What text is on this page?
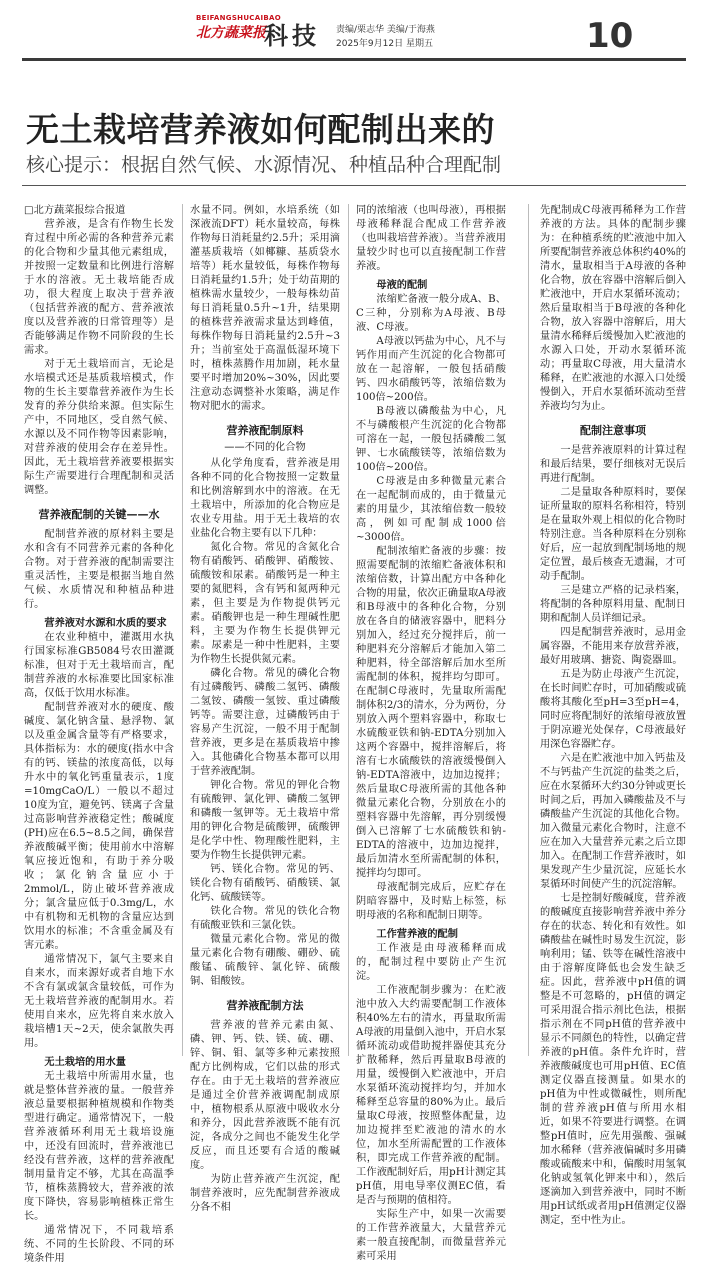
BEIFANGSHUCAIBAO
北方蔬菜报
科技 责编/栗志华 美编/于海燕
2025年9月12日 星期五	10
无土栽培营养液如何配制出来的
核心提示：根据自然气候、水源情况、种植品种合理配制

□北方蔬菜报综合报道

营养液，是含有作物生长发育过程中所必需的各种营养元素的化合物和少量其他元素组成，并按照一定数量和比例进行溶解于水的溶液。无土栽培能否成功，很大程度上取决于营养液（包括营养液的配方、营养液浓度以及营养液的日常管理等）是否能够满足作物不同阶段的生长需求。

对于无土栽培而言，无论是水培模式还是基质栽培模式，作物的生长主要靠营养液作为生长发育的养分供给来源。但实际生产中，不同地区，受自然气候、水源以及不同作物等因素影响，对营养液的使用会存在差异性。因此，无土栽培营养液要根据实际生产需要进行合理配制和灵活调整。

营养液配制的关键——水

配制营养液的原材料主要是水和含有不同营养元素的各种化合物。对于营养液的配制需要注重灵活性，主要是根据当地自然气候、水质情况和种植品种进行。

营养液对水源和水质的要求

在农业种植中，灌溉用水执行国家标准GB5084号农田灌溉标准，但对于无土栽培而言，配制营养液的水标准要比国家标准高，仅低于饮用水标准。

配制营养液对水的硬度、酸碱度、氯化钠含量、悬浮物、氯以及重金属含量等有严格要求，具体指标为：水的硬度(指水中含有的钙、镁盐的浓度高低，以每升水中的氧化钙重量表示，1度=10mgCaO/L）一般以不超过10度为宜，避免钙、镁离子含量过高影响营养液稳定性；酸碱度(PH)应在6.5~8.5之间，确保营养液酸碱平衡；使用前水中溶解氧应接近饱和，有助于养分吸收；氯化钠含量应小于2mmol/L，防止破坏营养液成分；氯含量应低于0.3mg/L，水中有机物和无机物的含量应达到饮用水的标准；不含重金属及有害元素。

通常情况下，氯气主要来自自来水，而来源好或者自地下水不含有氯或氯含量较低，可作为无土栽培营养液的配制用水。若使用自来水，应先将自来水放入栽培槽1天~2天，使余氯散失再用。

无土栽培的用水量

无土栽培中所需用水量，也就是整体营养液的量。一般营养液总量要根据种植规模和作物类型进行确定。通常情况下，一般营养液循环利用无土栽培设施中，还没有回流时，营养液池已经没有营养液，这样的营养液配制用量肯定不够，尤其在高温季节，植株蒸腾较大，营养液的浓度下降快，容易影响植株正常生长。

通常情况下，不同栽培系统、不同的生长阶段、不同的环境条件用

水量不同。例如，水培系统（如深液流DFT）耗水量较高，每株作物每日消耗量约2.5升；采用滴灌基质栽培（如椰糠、基质袋水培等）耗水量较低，每株作物每日消耗量约1.5升；处于幼苗期的植株需水量较少，一般每株幼苗每日消耗量0.5升~1升，结果期的植株营养液需求量达到峰值，每株作物每日消耗量约2.5升~3升；当前室处于高温低湿环境下时，植株蒸腾作用加剧，耗水量要平时增加20%~30%，因此要注意动态调整补水策略，满足作物对肥水的需求。

营养液配制原料
——不同的化合物

从化学角度看，营养液是用各种不同的化合物按照一定数量和比例溶解到水中的溶液。在无土栽培中，所添加的化合物应是农业专用盐。用于无土栽培的农业盐化合物主要有以下几种：

氮化合物。常见的含氮化合物有硝酸钙、硝酸钾、硝酸铵、硫酸铵和尿素。硝酸钙是一种主要的氮肥料，含有钙和氮两种元素，但主要是为作物提供钙元素。硝酸钾也是一种生理碱性肥料，主要为作物生长提供钾元素。尿素是一种中性肥料，主要为作物生长提供氮元素。

磷化合物。常见的磷化合物有过磷酸钙、磷酸二氢钙、磷酸二氢铵、磷酸一氢铵、重过磷酸钙等。需要注意，过磷酸钙由于容易产生沉淀，一般不用于配制营养液，更多是在基质栽培中掺入。其他磷化合物基本都可以用于营养液配制。

钾化合物。常见的钾化合物有硫酸钾、氯化钾、磷酸二氢钾和磷酸一氢钾等。无土栽培中常用的钾化合物是硫酸钾，硫酸钾是化学中性、物理酸性肥料，主要为作物生长提供钾元素。

钙、镁化合物。常见的钙、镁化合物有硝酸钙、硝酸镁、氯化钙、硫酸镁等。

铁化合物。常见的铁化合物有硫酸亚铁和三氯化铁。

微量元素化合物。常见的微量元素化合物有硼酸、硼砂、硫酸锰、硫酸锌、氯化锌、硫酸铜、钼酸铵。

营养液配制方法

营养液的营养元素由氮、磷、钾、钙、铁、镁、硫、硼、锌、铜、钼、氯等多种元素按照配方比例构成，它们以盐的形式存在。由于无土栽培的营养液应是通过全价营养液调配制成原中，植物根系从原液中吸收水分和养分，因此营养液既不能有沉淀，各成分之间也不能发生化学反应，而且还要有合适的酸碱度。

为防止营养液产生沉淀，配制营养液时，应先配制营养液成分各不相

同的浓缩液（也叫母液），再根据母液稀释混合配成工作营养液（也叫栽培营养液）。当营养液用量较少时也可以直接配制工作营养液。

母液的配制

浓缩贮备液一般分成A、B、C三种，分别称为A母液、B母液、C母液。

A母液以钙盐为中心，凡不与钙作用而产生沉淀的化合物都可放在一起溶解，一般包括硝酸钙、四水硝酸钙等，浓缩倍数为100倍~200倍。

B母液以磷酸盐为中心，凡不与磷酸根产生沉淀的化合物都可溶在一起，一般包括磷酸二氢钾、七水硫酸镁等，浓缩倍数为100倍~200倍。

C母液是由多种微量元素合在一起配制而成的，由于微量元素的用量少，其浓缩倍数一般较高，例如可配制成1000倍~3000倍。

配制浓缩贮备液的步骤：按照需要配制的浓缩贮备液体积和浓缩倍数，计算出配方中各种化合物的用量，依次正确量取A母液和B母液中的各种化合物，分别放在各自的储液容器中，肥料分别加入，经过充分搅拌后，前一种肥料充分溶解后才能加入第二种肥料，待全部溶解后加水至所需配制的体积，搅拌均匀即可。在配制C母液时，先量取所需配制体积2/3的清水，分为两份，分别放入两个塑料容器中，称取七水硫酸亚铁和钠-EDTA分别加入这两个容器中，搅拌溶解后，将溶有七水硫酸铁的溶液缓慢倒入钠-EDTA溶液中，边加边搅拌；然后量取C母液所需的其他各种微量元素化合物，分别放在小的塑料容器中先溶解，再分别缓慢倒入已溶解了七水硫酸铁和钠-EDTA的溶液中，边加边搅拌，最后加清水至所需配制的体积，搅拌均匀即可。

母液配制完成后，应贮存在阴暗容器中，及时贴上标签，标明母液的名称和配制日期等。

工作营养液的配制

工作液是由母液稀释而成的，配制过程中要防止产生沉淀。

工作液配制步骤为：在贮液池中放入大约需要配制工作液体积40%左右的清水，再量取所需A母液的用量倒入池中，开启水泵循环流动或借助搅拌器使其充分扩散稀释，然后再量取B母液的用量，缓慢倒入贮液池中，开启水泵循环流动搅拌均匀，并加水稀释至总容量的80%为止。最后量取C母液，按照整体配量，边加边搅拌至贮液池的清水的水位，加水至所需配置的工作液体积，即完成工作营养液的配制。工作液配制好后，用pH计测定其pH值，用电导率仪测EC值，看是否与预期的值相符。

实际生产中，如果一次需要的工作营养液量大，大量营养元素一般直接配制，而微量营养元素可采用

先配制成C母液再稀释为工作营养液的方法。具体的配制步骤为：在种植系统的贮液池中加入所要配制营养液总体积约40%的清水，量取相当于A母液的各种化合物，放在容器中溶解后倒入贮液池中，开启水泵循环流动；然后量取相当于B母液的各种化合物，放入容器中溶解后，用大量清水稀释后缓慢加入贮液池的水源入口处，开动水泵循环流动；再量取C母液，用大量清水稀释，在贮液池的水源入口处缓慢倒入，开启水泵循环流动至营养液均匀为止。

配制注意事项

一是营养液原料的计算过程和最后结果，要仔细核对无误后再进行配制。

二是量取各种原料时，要保证所量取的原料名称相符，特别是在量取外观上相似的化合物时特别注意。当各种原料在分别称好后，应一起放到配制场地的规定位置，最后核查无遗漏，才可动手配制。

三是建立严格的记录档案，将配制的各种原料用量、配制日期和配制人员详细记录。

四是配制营养液时，忌用金属容器，不能用来存放营养液，最好用玻璃、搪瓷、陶瓷器皿。

五是为防止母液产生沉淀，在长时间贮存时，可加硝酸或硫酸将其酸化至pH=3至pH=4，同时应将配制好的浓缩母液放置于阴凉避光处保存，C母液最好用深色容器贮存。

六是在贮液池中加入钙盐及不与钙盐产生沉淀的盐类之后，应在水泵循环大约30分钟或更长时间之后，再加入磷酸盐及不与磷酸盐产生沉淀的其他化合物。加入微量元素化合物时，注意不应在加入大量营养元素之后立即加入。在配制工作营养液时，如果发现产生少量沉淀，应延长水泵循环时间使产生的沉淀溶解。

七是控制好酸碱度，营养液的酸碱度直接影响营养液中养分存在的状态、转化和有效性。如磷酸盐在碱性时易发生沉淀，影响利用；锰、铁等在碱性溶液中由于溶解度降低也会发生缺乏症。因此，营养液中pH值的调整是不可忽略的，pH值的调定可采用混合指示剂比色法，根据指示剂在不同pH值的营养液中显示不同颜色的特性，以确定营养液的pH值。条件允许时，营养液酸碱度也可用pH值、EC值测定仪器直接测量。如果水的pH值为中性或微碱性，则所配制的营养液pH值与所用水相近，如果不符要进行调整。在调整pH值时，应先用强酸、强碱加水稀释（营养液偏碱时多用磷酸或硫酸来中和，偏酸时用氢氧化钠或氢氧化钾来中和），然后逐滴加入到营养液中，同时不断用pH试纸或者用pH值测定仪器测定，至中性为止。
